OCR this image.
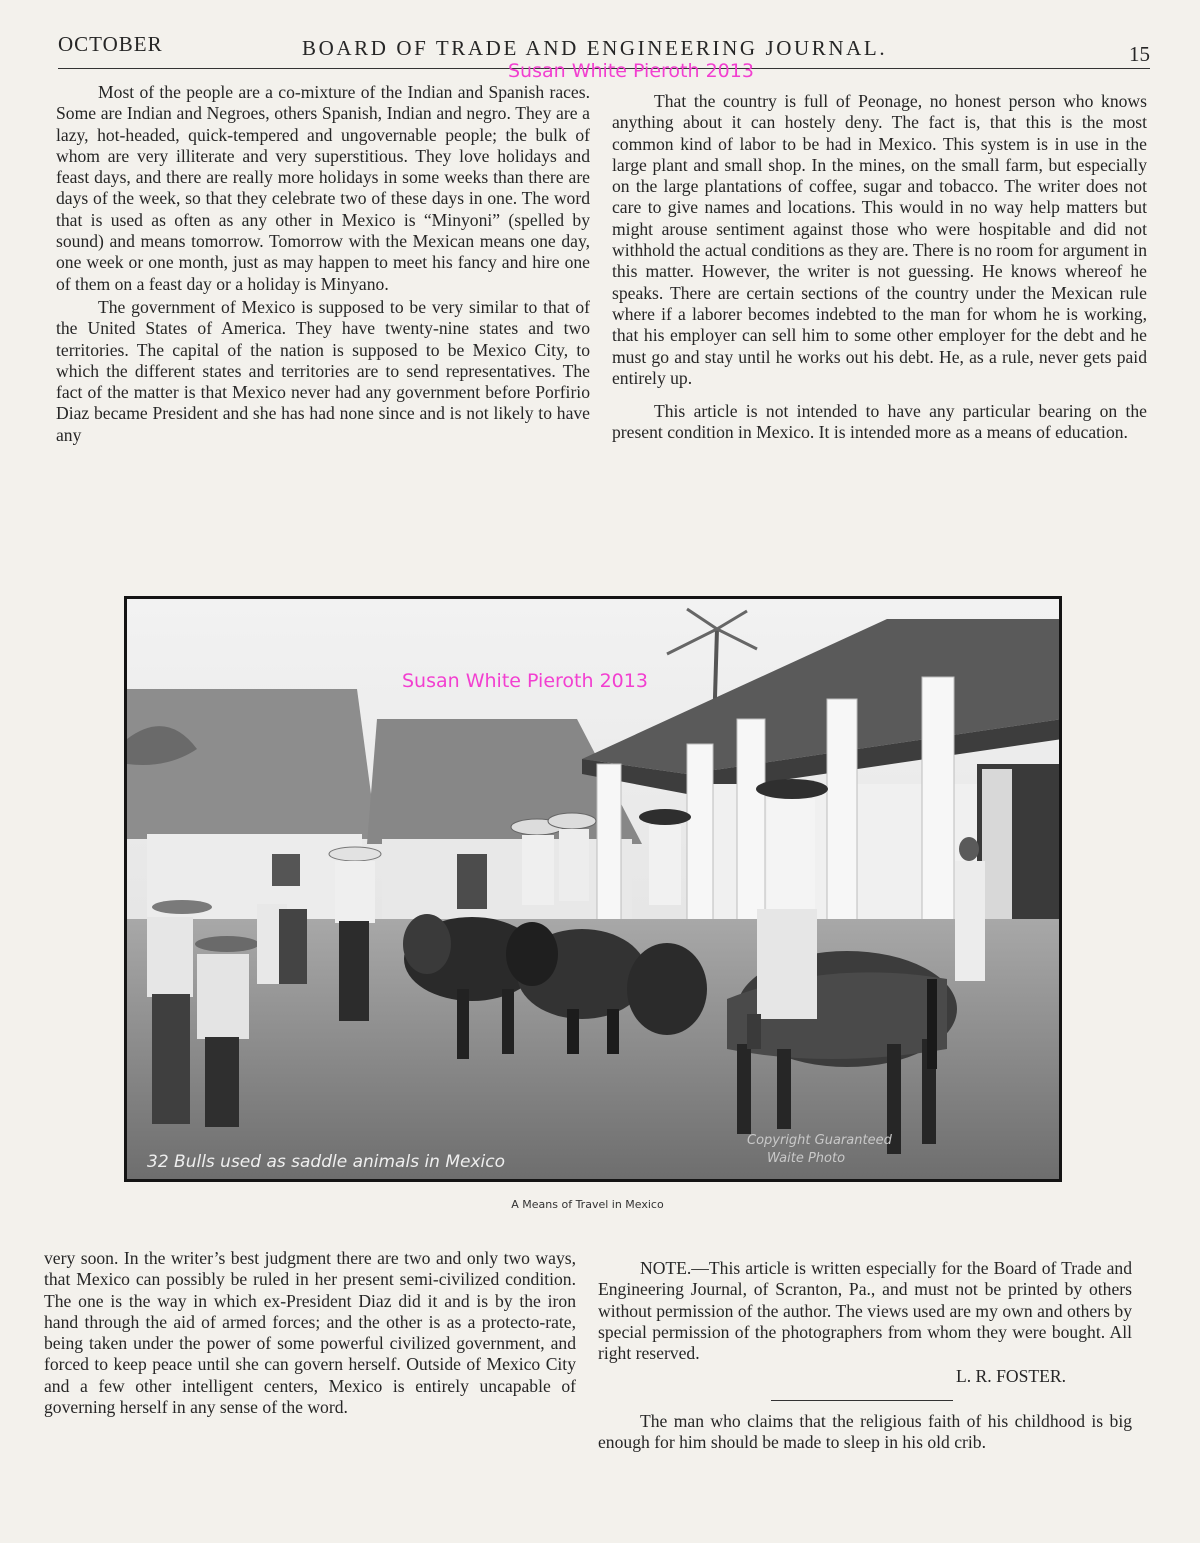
OCTOBER	BOARD OF TRADE AND ENGINEERING JOURNAL.	15
Susan White Pieroth 2013

Most of the people are a co-mixture of the Indian and Spanish races. Some are Indian and Negroes, others Spanish, Indian and negro. They are a lazy, hot-headed, quick-tempered and ungovernable people; the bulk of whom are very illiterate and very superstitious. They love holidays and feast days, and there are really more holidays in some weeks than there are days of the week, so that they celebrate two of these days in one. The word that is used as often as any other in Mexico is “Minyoni” (spelled by sound) and means tomorrow. Tomorrow with the Mexican means one day, one week or one month, just as may happen to meet his fancy and hire one of them on a feast day or a holiday is Minyano.

The government of Mexico is supposed to be very similar to that of the United States of America. They have twenty-nine states and two territories. The capital of the nation is supposed to be Mexico City, to which the different states and territories are to send representatives. The fact of the matter is that Mexico never had any government before Porfirio Diaz became President and she has had none since and is not likely to have any

That the country is full of Peonage, no honest person who knows anything about it can hostely deny. The fact is, that this is the most common kind of labor to be had in Mexico. This system is in use in the large plant and small shop. In the mines, on the small farm, but especially on the large plantations of coffee, sugar and tobacco. The writer does not care to give names and locations. This would in no way help matters but might arouse sentiment against those who were hospitable and did not withhold the actual conditions as they are. There is no room for argument in this matter. However, the writer is not guessing. He knows whereof he speaks. There are certain sections of the country under the Mexican rule where if a laborer becomes indebted to the man for whom he is working, that his employer can sell him to some other employer for the debt and he must go and stay until he works out his debt. He, as a rule, never gets paid entirely up.

This article is not intended to have any particular bearing on the present condition in Mexico. It is intended more as a means of education.

32 Bulls used as saddle animals in Mexico
Copyright Guaranteed
Waite Photo
Susan White Pieroth 2013
A Means of Travel in Mexico

very soon. In the writer’s best judgment there are two and only two ways, that Mexico can possibly be ruled in her present semi-civilized condition. The one is the way in which ex-President Diaz did it and is by the iron hand through the aid of armed forces; and the other is as a protecto-rate, being taken under the power of some powerful civilized government, and forced to keep peace until she can govern herself. Outside of Mexico City and a few other intelligent centers, Mexico is entirely uncapable of governing herself in any sense of the word.

NOTE.—This article is written especially for the Board of Trade and Engineering Journal, of Scranton, Pa., and must not be printed by others without permission of the author. The views used are my own and others by special permission of the photographers from whom they were bought. All right reserved.

L. R. FOSTER.

The man who claims that the religious faith of his childhood is big enough for him should be made to sleep in his old crib.
